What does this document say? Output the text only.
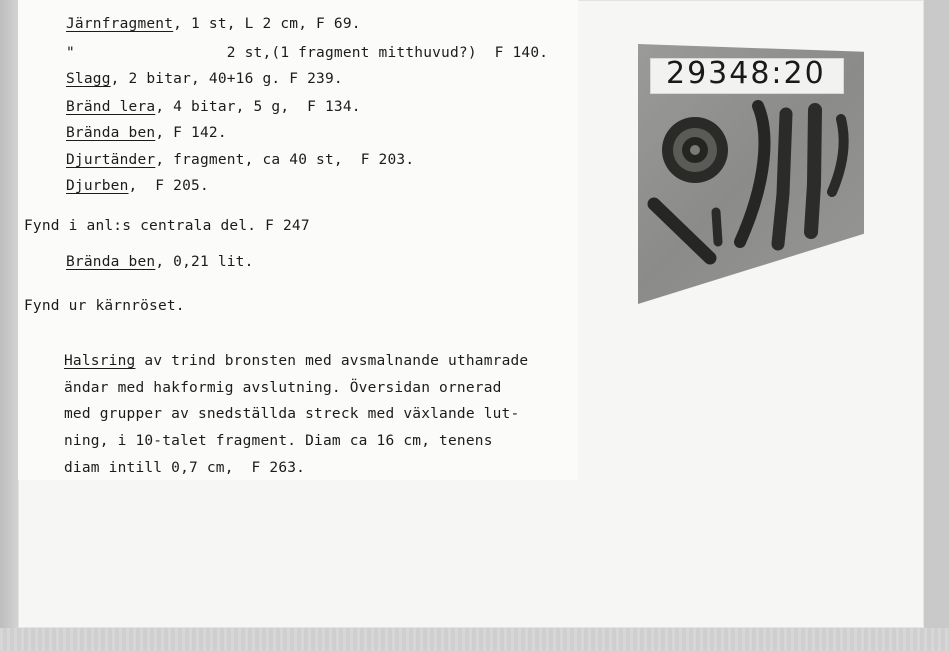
Järnfragment, 1 st, L 2 cm, F 69.
"                 2 st,(1 fragment mitthuvud?)  F 140.
Slagg, 2 bitar, 40+16 g. F 239.
Bränd lera, 4 bitar, 5 g,  F 134.
Brända ben, F 142.
Djurtänder, fragment, ca 40 st,  F 203.
Djurben,  F 205.
Fynd i anl:s centrala del. F 247
Brända ben, 0,21 lit.
Fynd ur kärnröset.
Halsring av trind bronsten med avsmalnande uthamrade
ändar med hakformig avslutning. Översidan ornerad
med grupper av snedställda streck med växlande lut-
ning, i 10-talet fragment. Diam ca 16 cm, tenens
diam intill 0,7 cm,  F 263.
29348:20
